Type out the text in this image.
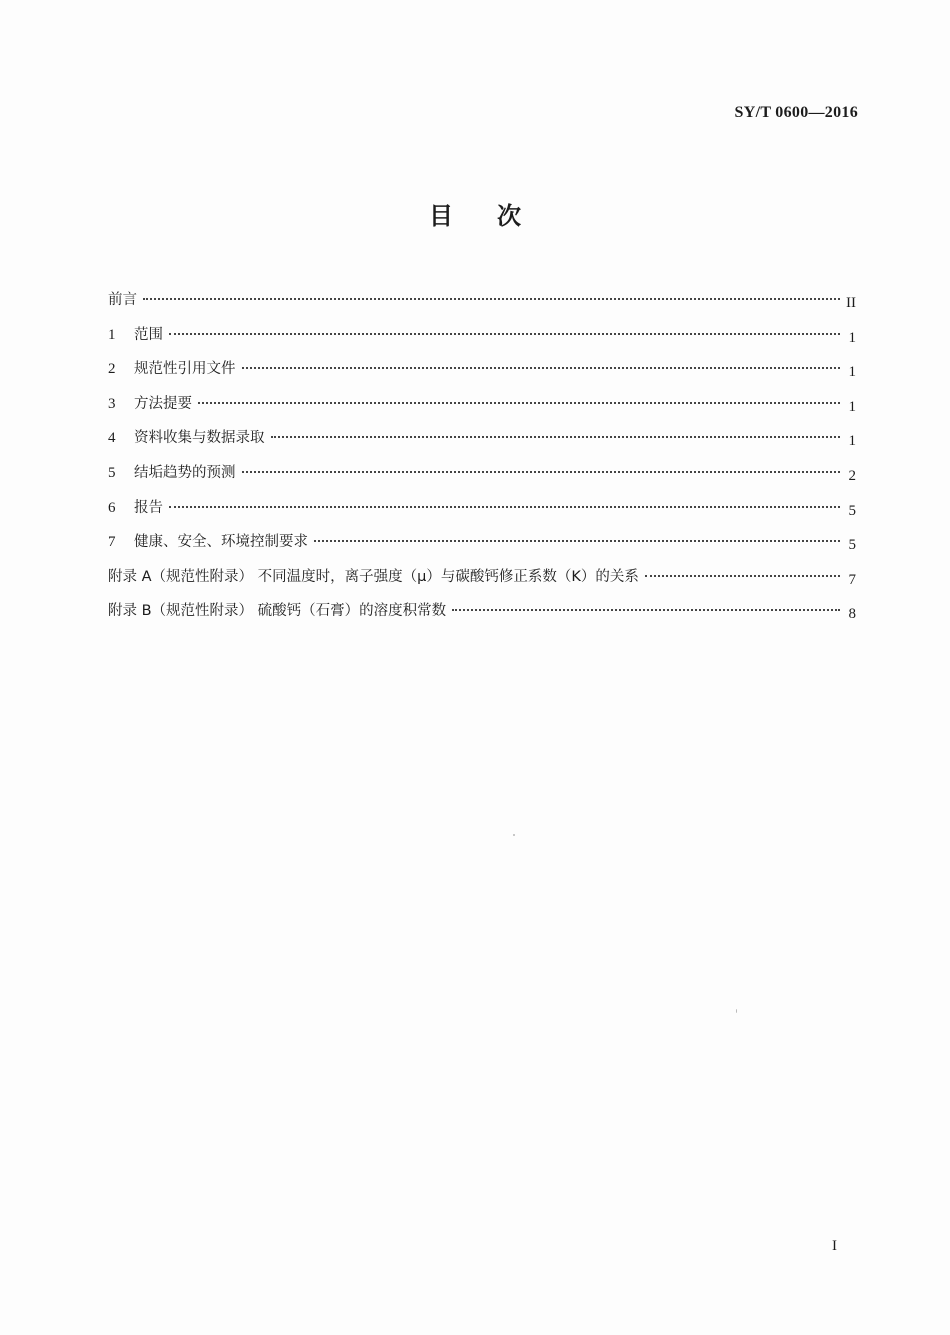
SY/T 0600—2016
目次
前言	II
1	范围	1
2	规范性引用文件	1
3	方法提要	1
4	资料收集与数据录取	1
5	结垢趋势的预测	2
6	报告	5
7	健康、安全、环境控制要求	5
附录 A（规范性附录） 不同温度时，离子强度（μ）与碳酸钙修正系数（K）的关系	7
附录 B（规范性附录） 硫酸钙（石膏）的溶度积常数	8
I
